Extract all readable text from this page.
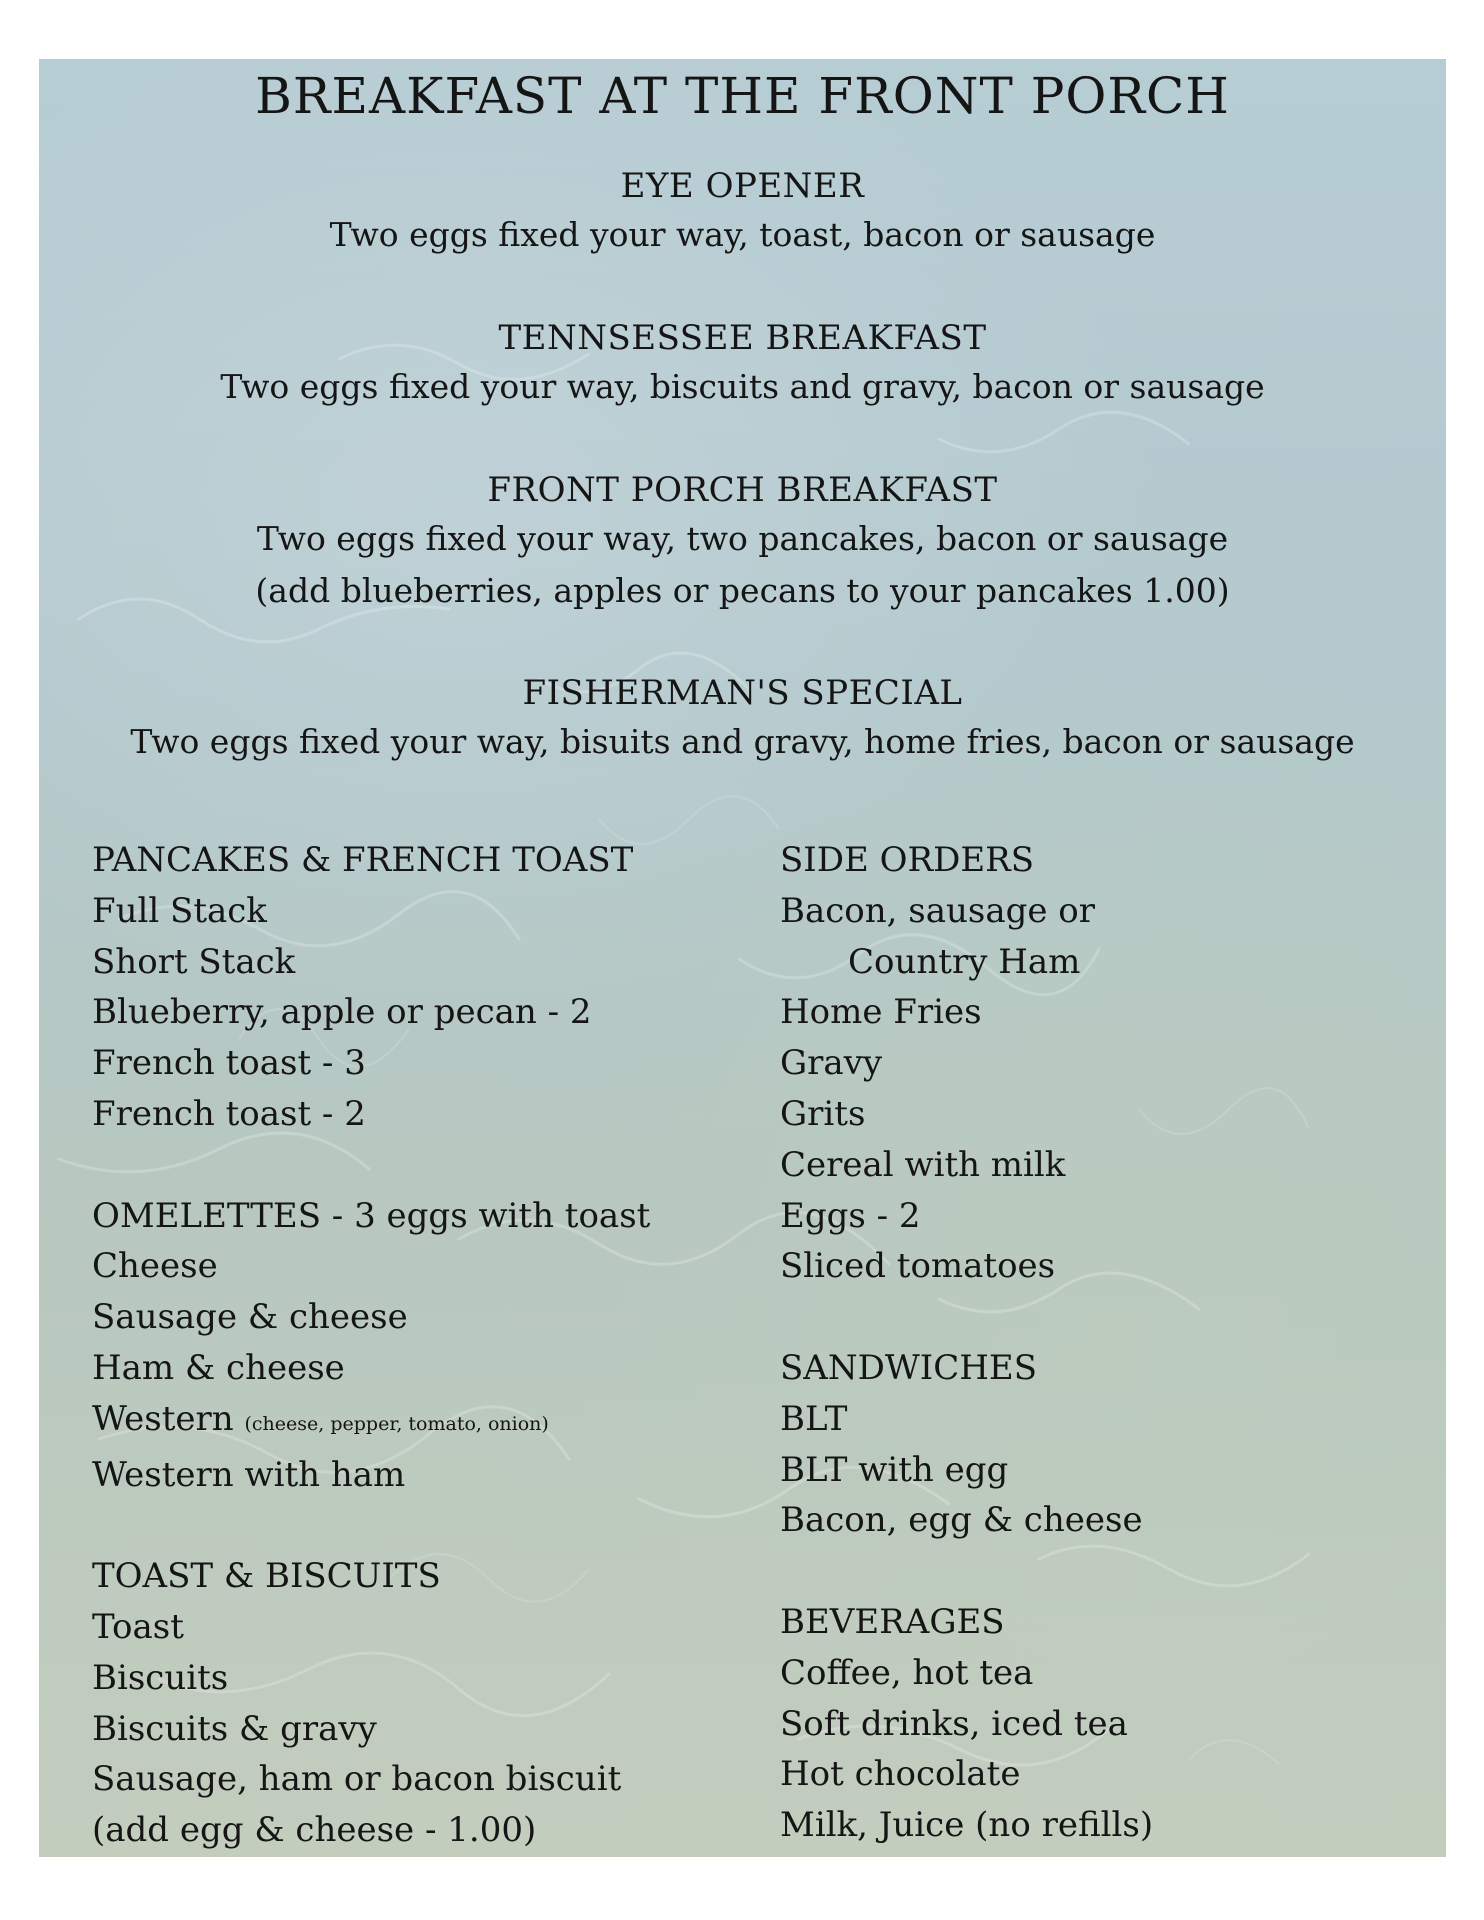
BREAKFAST AT THE FRONT PORCH
EYE OPENER
Two eggs fixed your way, toast, bacon or sausage
TENNSESSEE BREAKFAST
Two eggs fixed your way, biscuits and gravy, bacon or sausage
FRONT PORCH BREAKFAST
Two eggs fixed your way, two pancakes, bacon or sausage
(add blueberries, apples or pecans to your pancakes 1.00)
FISHERMAN'S SPECIAL
Two eggs fixed your way, bisuits and gravy, home fries, bacon or sausage
PANCAKES & FRENCH TOAST
Full Stack
Short Stack
Blueberry, apple or pecan - 2
French toast - 3
French toast - 2
OMELETTES - 3 eggs with toast
Cheese
Sausage & cheese
Ham & cheese
Western (cheese, pepper, tomato, onion)
Western with ham
TOAST & BISCUITS
Toast
Biscuits
Biscuits & gravy
Sausage, ham or bacon biscuit
(add egg & cheese - 1.00)
SIDE ORDERS
Bacon, sausage or
Country Ham
Home Fries
Gravy
Grits
Cereal with milk
Eggs - 2
Sliced tomatoes
SANDWICHES
BLT
BLT with egg
Bacon, egg & cheese
BEVERAGES
Coffee, hot tea
Soft drinks, iced tea
Hot chocolate
Milk, Juice (no refills)
